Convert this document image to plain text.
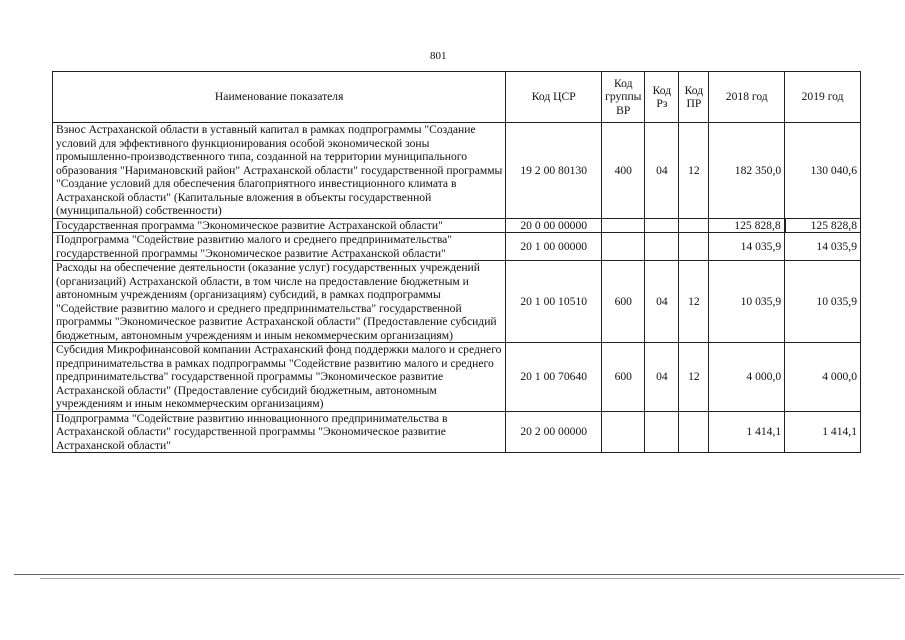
801
Наименование показателя	Код ЦСР	Код группы ВР	Код Рз	Код ПР	2018 год	2019 год
Взнос Астраханской области в уставный капитал в рамках подпрограммы "Создание условий для эффективного функционирования особой экономической зоны промышленно-производственного типа, созданной на территории муниципального образования "Наримановский район" Астраханской области" государственной программы "Создание условий для обеспечения благоприятного инвестиционного климата в Астраханской области" (Капитальные вложения в объекты государственной (муниципальной) собственности)	19 2 00 80130	400	04	12	182 350,0	130 040,6
Государственная программа "Экономическое развитие Астраханской области"	20 0 00 00000				125 828,8	125 828,8
Подпрограмма "Содействие развитию малого и среднего предпринимательства" государственной программы "Экономическое развитие Астраханской области"	20 1 00 00000				14 035,9	14 035,9
Расходы на обеспечение деятельности (оказание услуг) государственных учреждений (организаций) Астраханской области, в том числе на предоставление бюджетным и автономным учреждениям (организациям) субсидий, в рамках подпрограммы "Содействие развитию малого и среднего предпринимательства" государственной программы "Экономическое развитие Астраханской области" (Предоставление субсидий бюджетным, автономным учреждениям и иным некоммерческим организациям)	20 1 00 10510	600	04	12	10 035,9	10 035,9
Субсидия Микрофинансовой компании Астраханский фонд поддержки малого и среднего предпринимательства в рамках подпрограммы "Содействие развитию малого и среднего предпринимательства" государственной программы "Экономическое развитие Астраханской области" (Предоставление субсидий бюджетным, автономным учреждениям и иным некоммерческим организациям)	20 1 00 70640	600	04	12	4 000,0	4 000,0
Подпрограмма "Содействие развитию инновационного предпринимательства в Астраханской области" государственной программы "Экономическое развитие Астраханской области"	20 2 00 00000				1 414,1	1 414,1
